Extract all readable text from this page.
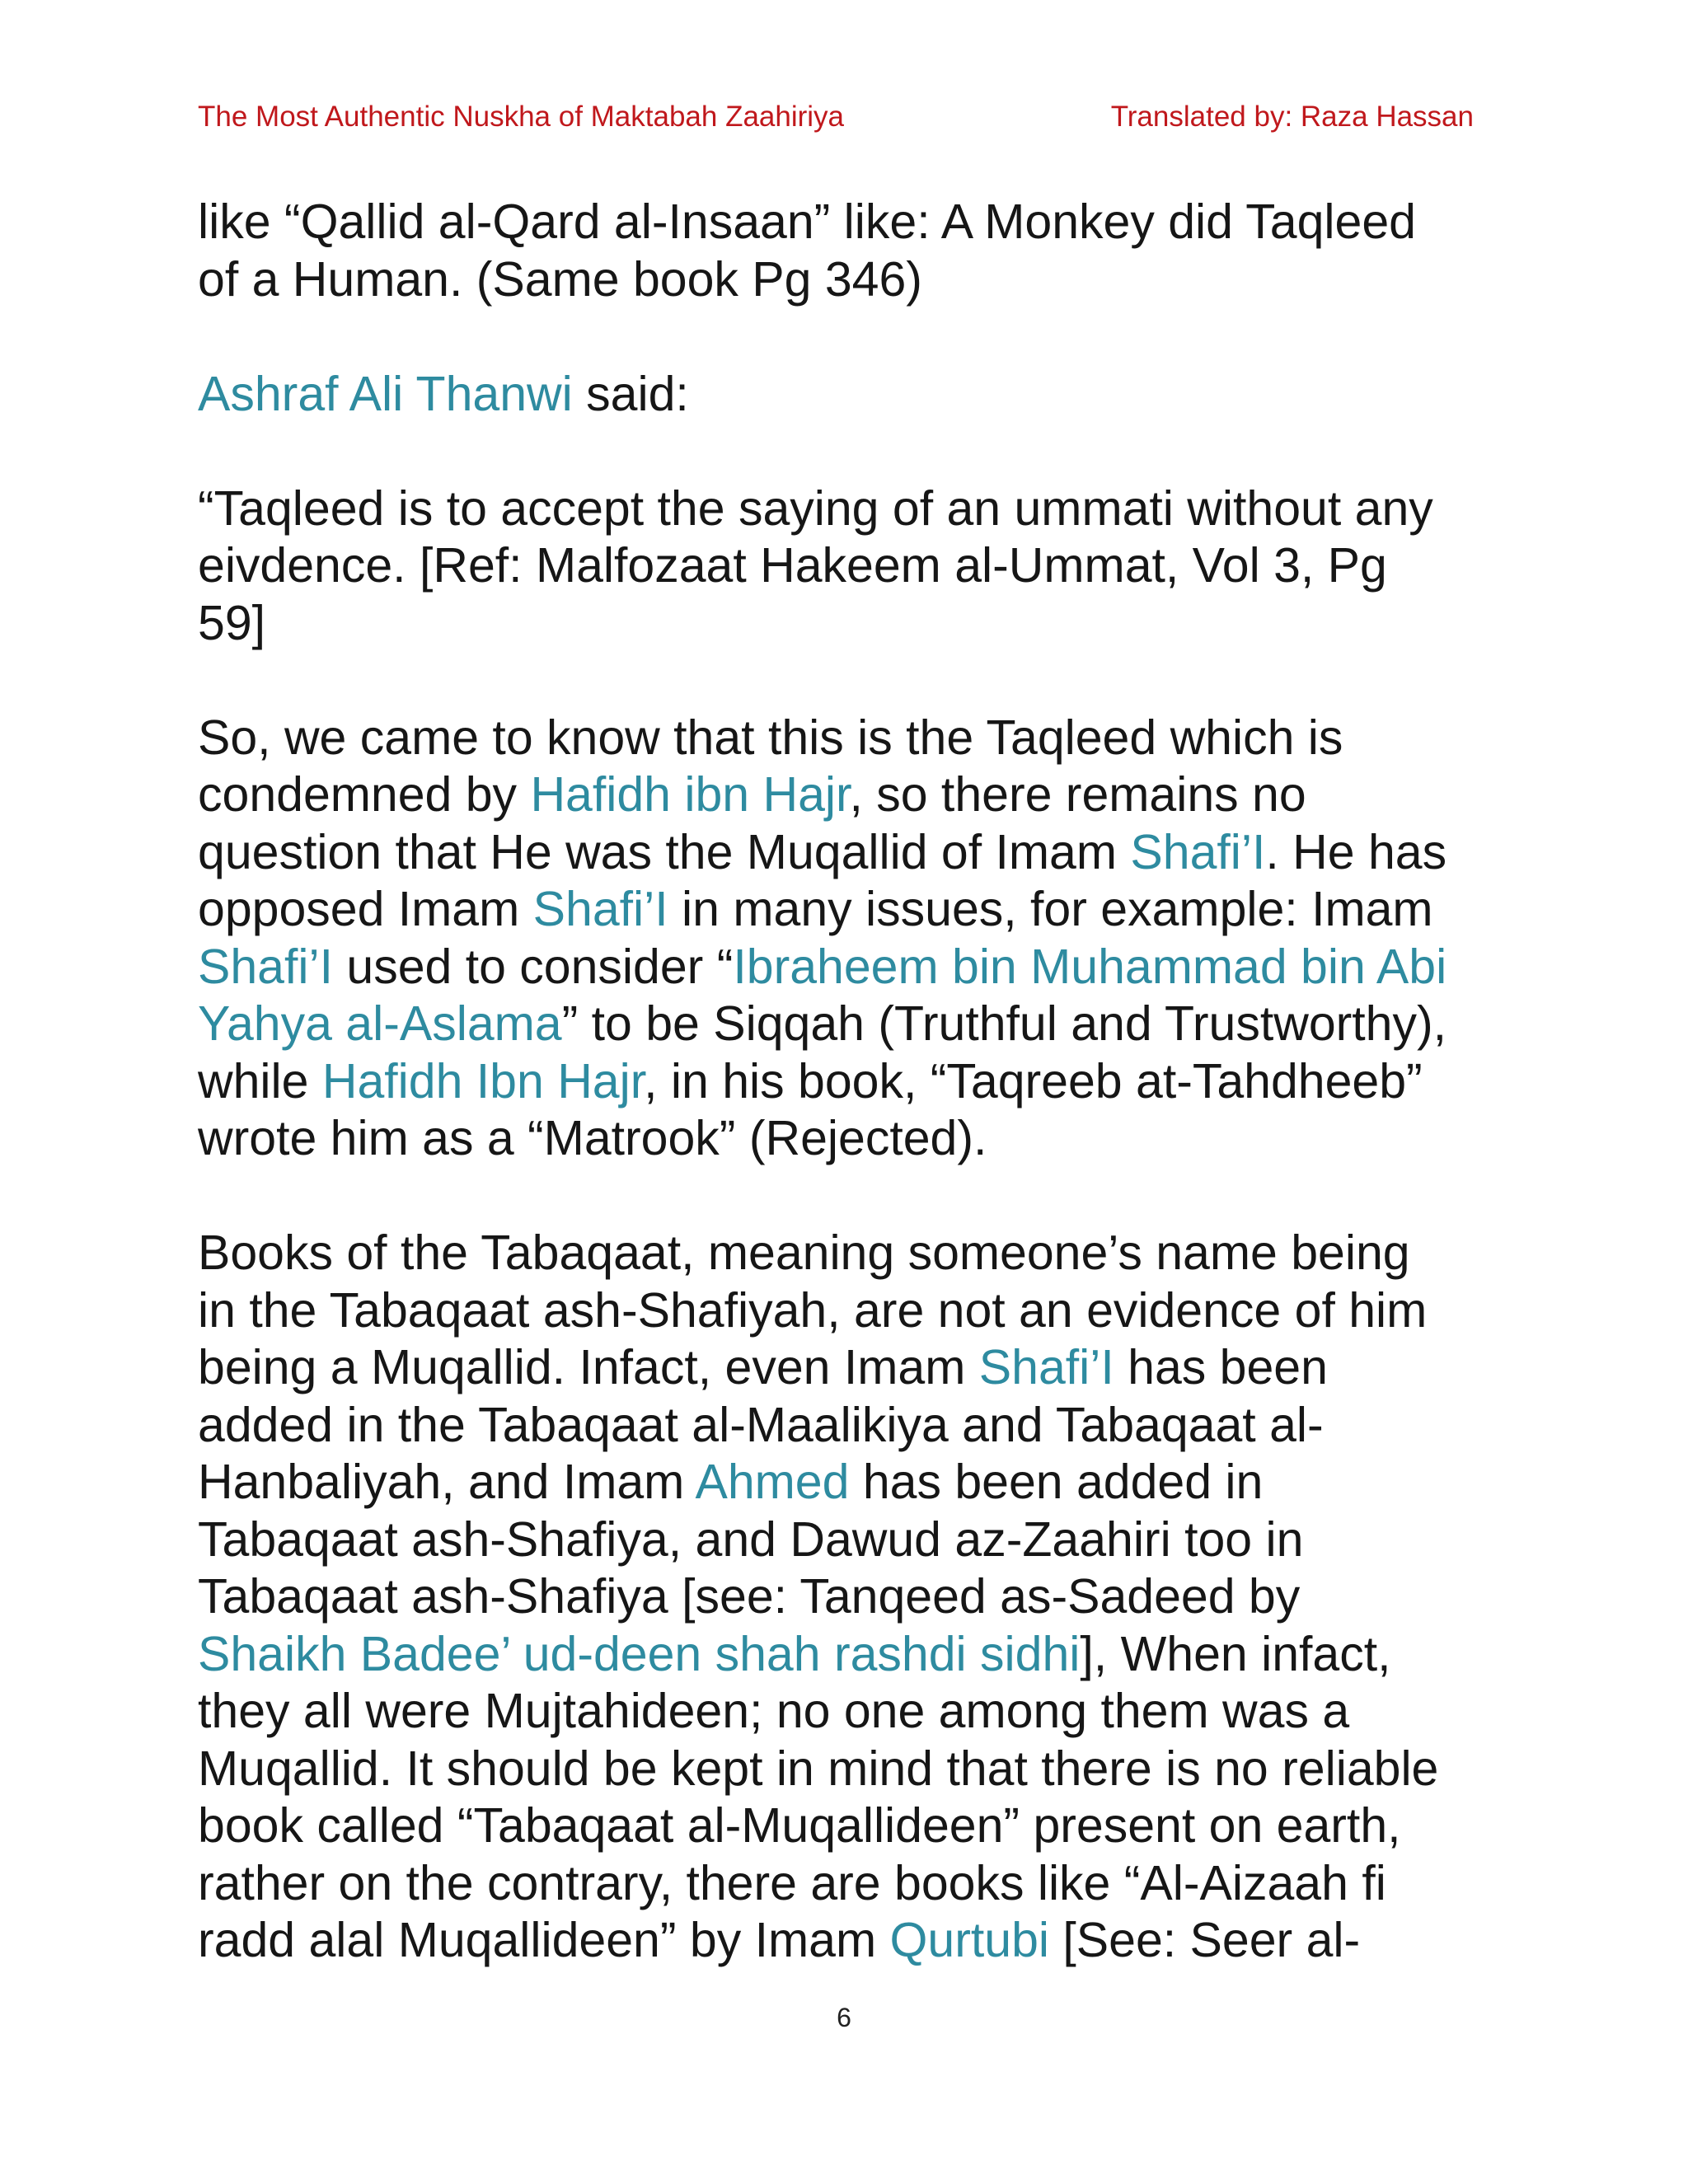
The Most Authentic Nuskha of Maktabah Zaahiriya	Translated by: Raza Hassan

like “Qallid al-Qard al-Insaan” like: A Monkey did Taqleed
of a Human. (Same book Pg 346)

Ashraf Ali Thanwi said:

“Taqleed is to accept the saying of an ummati without any
eivdence. [Ref: Malfozaat Hakeem al-Ummat, Vol 3, Pg
59]

So, we came to know that this is the Taqleed which is
condemned by Hafidh ibn Hajr, so there remains no
question that He was the Muqallid of Imam Shafi’I. He has
opposed Imam Shafi’I in many issues, for example: Imam
Shafi’I used to consider “Ibraheem bin Muhammad bin Abi
Yahya al-Aslama” to be Siqqah (Truthful and Trustworthy),
while Hafidh Ibn Hajr, in his book, “Taqreeb at-Tahdheeb”
wrote him as a “Matrook” (Rejected).

Books of the Tabaqaat, meaning someone’s name being
in the Tabaqaat ash-Shafiyah, are not an evidence of him
being a Muqallid. Infact, even Imam Shafi’I has been
added in the Tabaqaat al-Maalikiya and Tabaqaat al-
Hanbaliyah, and Imam Ahmed has been added in
Tabaqaat ash-Shafiya, and Dawud az-Zaahiri too in
Tabaqaat ash-Shafiya [see: Tanqeed as-Sadeed by
Shaikh Badee’ ud-deen shah rashdi sidhi], When infact,
they all were Mujtahideen; no one among them was a
Muqallid. It should be kept in mind that there is no reliable
book called “Tabaqaat al-Muqallideen” present on earth,
rather on the contrary, there are books like “Al-Aizaah fi
radd alal Muqallideen” by Imam Qurtubi [See: Seer al-

6
